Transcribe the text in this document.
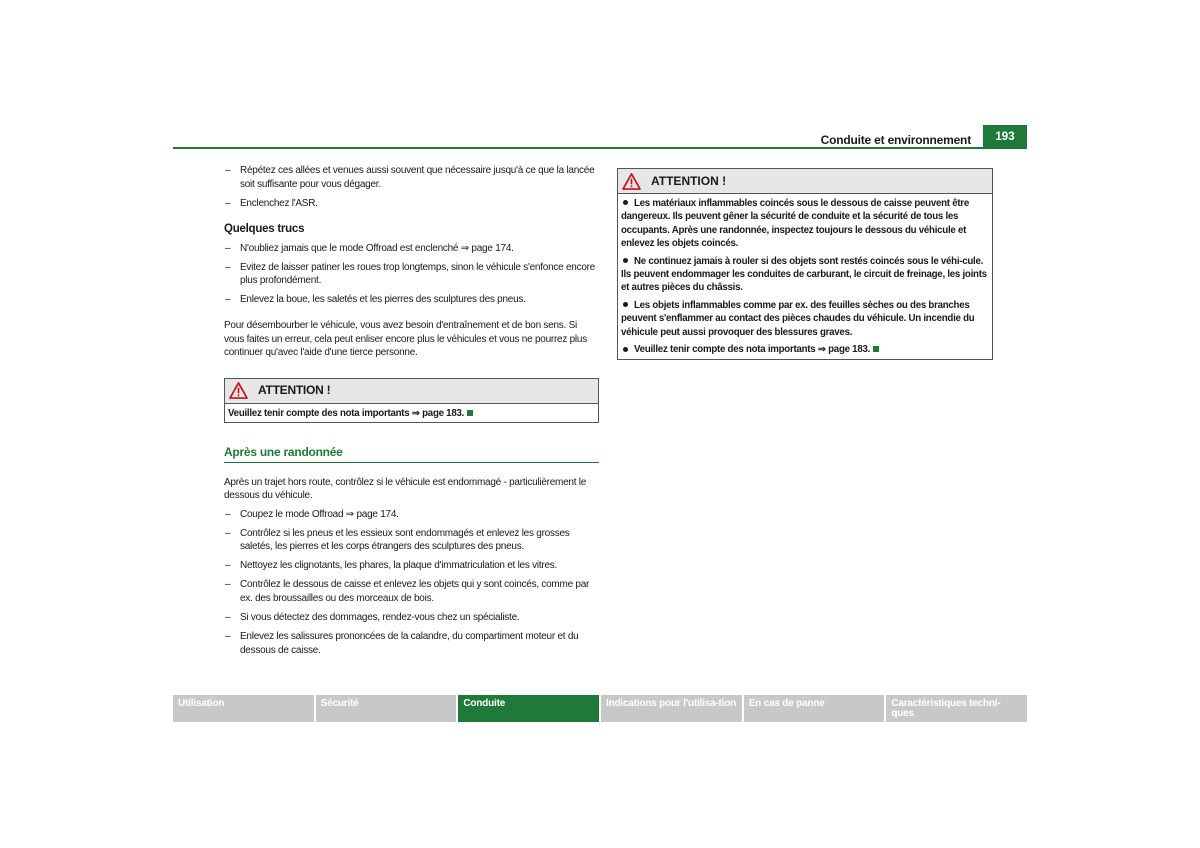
Conduite et environnement	193
– Répétez ces allées et venues aussi souvent que nécessaire jusqu'à ce que la lancée soit suffisante pour vous dégager.
– Enclenchez l'ASR.
Quelques trucs
– N'oubliez jamais que le mode Offroad est enclenché ⇒ page 174.
– Evitez de laisser patiner les roues trop longtemps, sinon le véhicule s'enfonce encore plus profondément.
– Enlevez la boue, les saletés et les pierres des sculptures des pneus.

Pour désembourber le véhicule, vous avez besoin d'entraînement et de bon sens. Si vous faites un erreur, cela peut enliser encore plus le véhicules et vous ne pourrez plus continuer qu'avec l'aide d'une tierce personne.

ATTENTION !
Veuillez tenir compte des nota importants ⇒ page 183.
Après une randonnée

Après un trajet hors route, contrôlez si le véhicule est endommagé - particulièrement le dessous du véhicule.

– Coupez le mode Offroad ⇒ page 174.
– Contrôlez si les pneus et les essieux sont endommagés et enlevez les grosses saletés, les pierres et les corps étrangers des sculptures des pneus.
– Nettoyez les clignotants, les phares, la plaque d'immatriculation et les vitres.
– Contrôlez le dessous de caisse et enlevez les objets qui y sont coincés, comme par ex. des broussailles ou des morceaux de bois.
– Si vous détectez des dommages, rendez-vous chez un spécialiste.
– Enlevez les salissures prononcées de la calandre, du compartiment moteur et du dessous de caisse.
ATTENTION !
Les matériaux inflammables coincés sous le dessous de caisse peuvent être dangereux. Ils peuvent gêner la sécurité de conduite et la sécurité de tous les occupants. Après une randonnée, inspectez toujours le dessous du véhicule et enlevez les objets coincés.
Ne continuez jamais à rouler si des objets sont restés coincés sous le véhi-cule. Ils peuvent endommager les conduites de carburant, le circuit de freinage, les joints et autres pièces du châssis.
Les objets inflammables comme par ex. des feuilles sèches ou des branches peuvent s'enflammer au contact des pièces chaudes du véhicule. Un incendie du véhicule peut aussi provoquer des blessures graves.
Veuillez tenir compte des nota importants ⇒ page 183.
Utilisation	Sécurité	Conduite	Indications pour l'utilisa-tion	En cas de panne	Caractéristiques techni-ques
